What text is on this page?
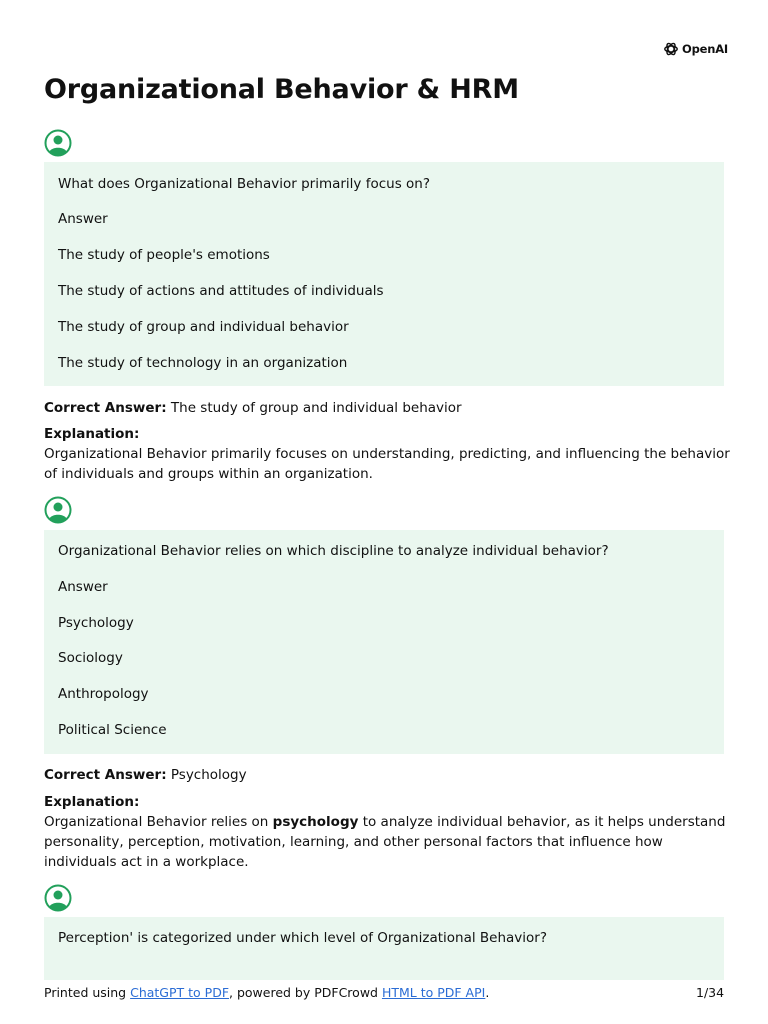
OpenAI
Organizational Behavior & HRM
What does Organizational Behavior primarily focus on?
Answer
The study of people's emotions
The study of actions and attitudes of individuals
The study of group and individual behavior
The study of technology in an organization
Correct Answer: The study of group and individual behavior
Explanation:
Organizational Behavior primarily focuses on understanding, predicting, and influencing the behavior of individuals and groups within an organization.
Organizational Behavior relies on which discipline to analyze individual behavior?
Answer
Psychology
Sociology
Anthropology
Political Science
Correct Answer: Psychology
Explanation:
Organizational Behavior relies on psychology to analyze individual behavior, as it helps understand personality, perception, motivation, learning, and other personal factors that influence how individuals act in a workplace.
Perception' is categorized under which level of Organizational Behavior?
Printed using ChatGPT to PDF, powered by PDFCrowd HTML to PDF API.	1/34
